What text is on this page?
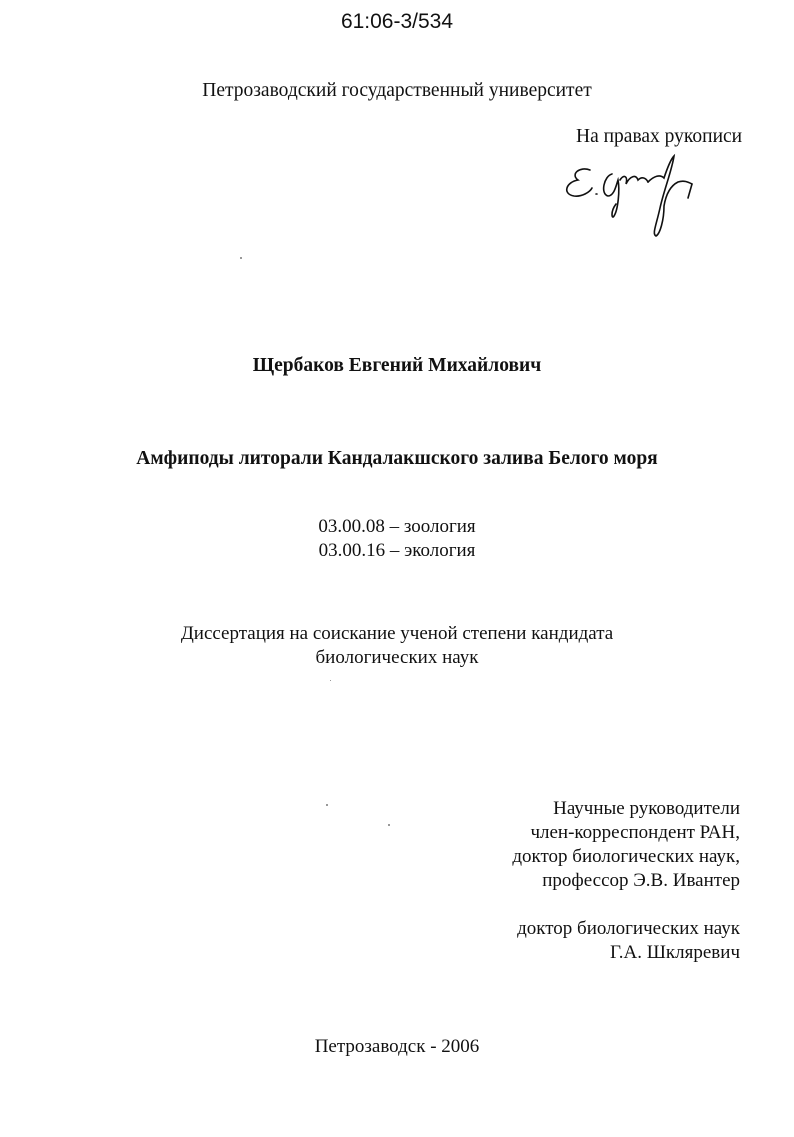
61:06-3/534
Петрозаводский государственный университет
На правах рукописи
Щербаков Евгений Михайлович
Амфиподы литорали Кандалакшского залива Белого моря
03.00.08 – зоология
03.00.16 – экология
Диссертация на соискание ученой степени кандидата
биологических наук
Научные руководители
член-корреспондент РАН,
доктор биологических наук,
профессор Э.В. Ивантер
доктор биологических наук
Г.А. Шкляревич
Петрозаводск - 2006
